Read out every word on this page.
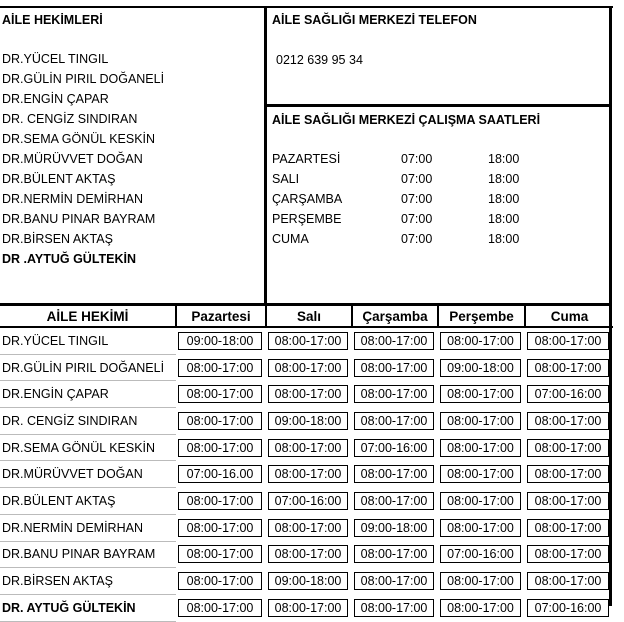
AİLE HEKİMLERİ
DR.YÜCEL TINGIL
DR.GÜLİN PIRIL DOĞANELİ
DR.ENGİN ÇAPAR
DR. CENGİZ SINDIRAN
DR.SEMA GÖNÜL KESKİN
DR.MÜRÜVVET DOĞAN
DR.BÜLENT AKTAŞ
DR.NERMİN DEMİRHAN
DR.BANU PINAR BAYRAM
DR.BİRSEN AKTAŞ
DR .AYTUĞ GÜLTEKİN
AİLE SAĞLIĞI MERKEZİ TELEFON
0212 639 95 34
AİLE SAĞLIĞI MERKEZİ ÇALIŞMA SAATLERİ
PAZARTESİ	07:00	18:00
SALI	07:00	18:00
ÇARŞAMBA	07:00	18:00
PERŞEMBE	07:00	18:00
CUMA	07:00	18:00
AİLE HEKİMİ	Pazartesi	Salı	Çarşamba	Perşembe	Cuma
DR.YÜCEL TINGIL	09:00-18:00	08:00-17:00	08:00-17:00	08:00-17:00	08:00-17:00

DR.GÜLİN PIRIL DOĞANELİ	08:00-17:00	08:00-17:00	08:00-17:00	09:00-18:00	08:00-17:00

DR.ENGİN ÇAPAR	08:00-17:00	08:00-17:00	08:00-17:00	08:00-17:00	07:00-16:00

DR. CENGİZ SINDIRAN	08:00-17:00	09:00-18:00	08:00-17:00	08:00-17:00	08:00-17:00

DR.SEMA GÖNÜL KESKİN	08:00-17:00	08:00-17:00	07:00-16:00	08:00-17:00	08:00-17:00

DR.MÜRÜVVET DOĞAN	07:00-16.00	08:00-17:00	08:00-17:00	08:00-17:00	08:00-17:00

DR.BÜLENT AKTAŞ	08:00-17:00	07:00-16:00	08:00-17:00	08:00-17:00	08:00-17:00

DR.NERMİN DEMİRHAN	08:00-17:00	08:00-17:00	09:00-18:00	08:00-17:00	08:00-17:00

DR.BANU PINAR BAYRAM	08:00-17:00	08:00-17:00	08:00-17:00	07:00-16:00	08:00-17:00

DR.BİRSEN AKTAŞ	08:00-17:00	09:00-18:00	08:00-17:00	08:00-17:00	08:00-17:00

DR. AYTUĞ GÜLTEKİN	08:00-17:00	08:00-17:00	08:00-17:00	08:00-17:00	07:00-16:00
